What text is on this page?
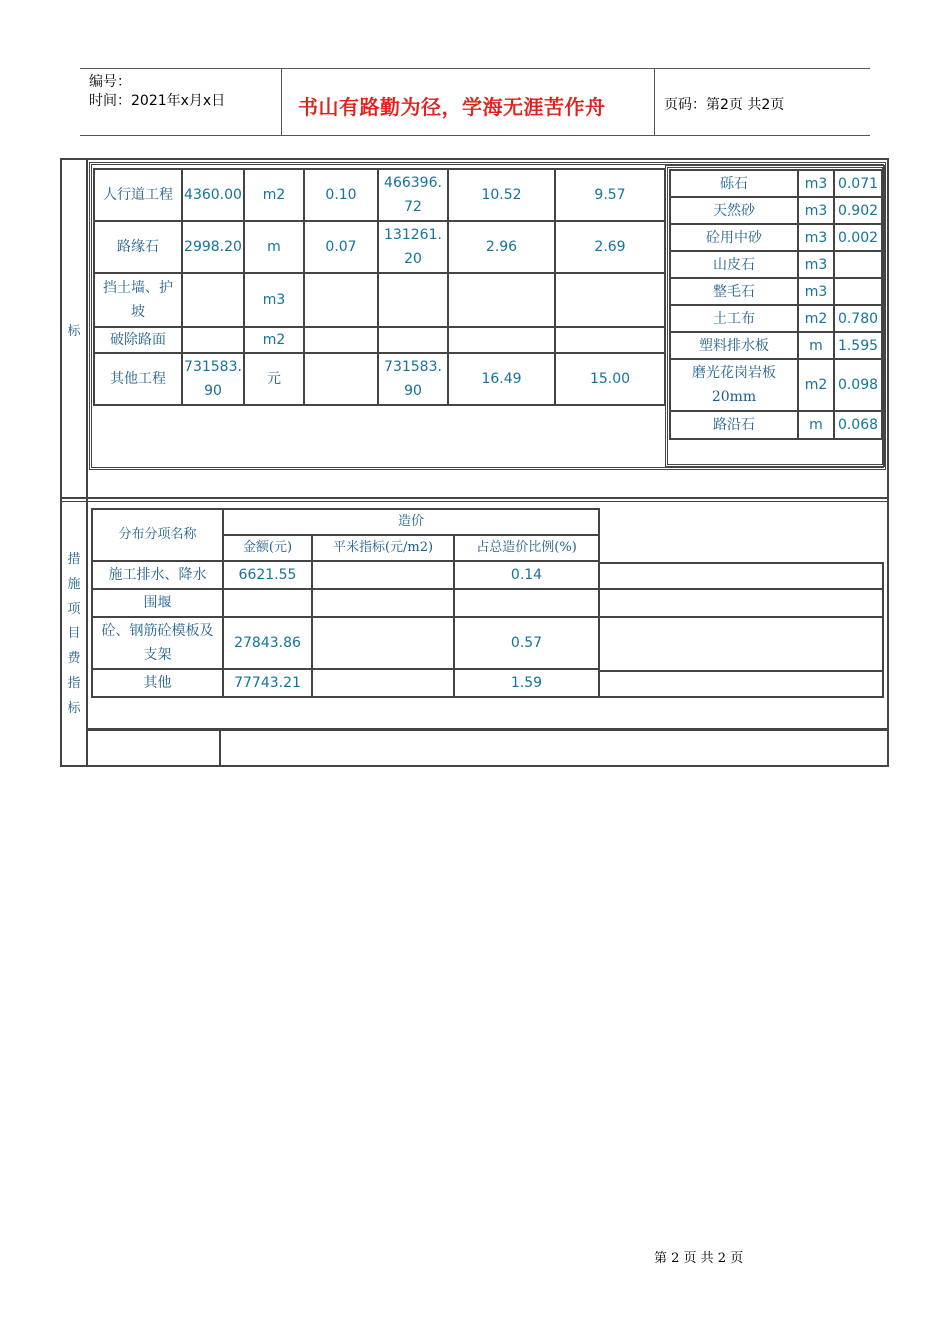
编号：
时间：2021年x月x日	书山有路勤为径，学海无涯苦作舟	页码：第2页 共2页
标
人行道工程	4360.00	m2	0.10	466396.72	10.52	9.57
路缘石	2998.20	m	0.07	131261.20	2.96	2.69
挡土墙、护坡		m3				
破除路面		m2				
其他工程	731583.90	元		731583.90	16.49	15.00
砾石	m3	0.071
天然砂	m3	0.902
砼用中砂	m3	0.002
山皮石	m3	
整毛石	m3	
土工布	m2	0.780
塑料排水板	m	1.595
磨光花岗岩板20mm	m2	0.098
路沿石	m	0.068
措施项目费指标
分布分项名称	造价		
	金额(元)	平米指标(元/m2)	占总造价比例(%)
施工排水、降水	6621.55		0.14
围堰			
砼、钢筋砼模板及支架	27843.86		0.57
其他	77743.21		1.59
第 2 页 共 2 页
